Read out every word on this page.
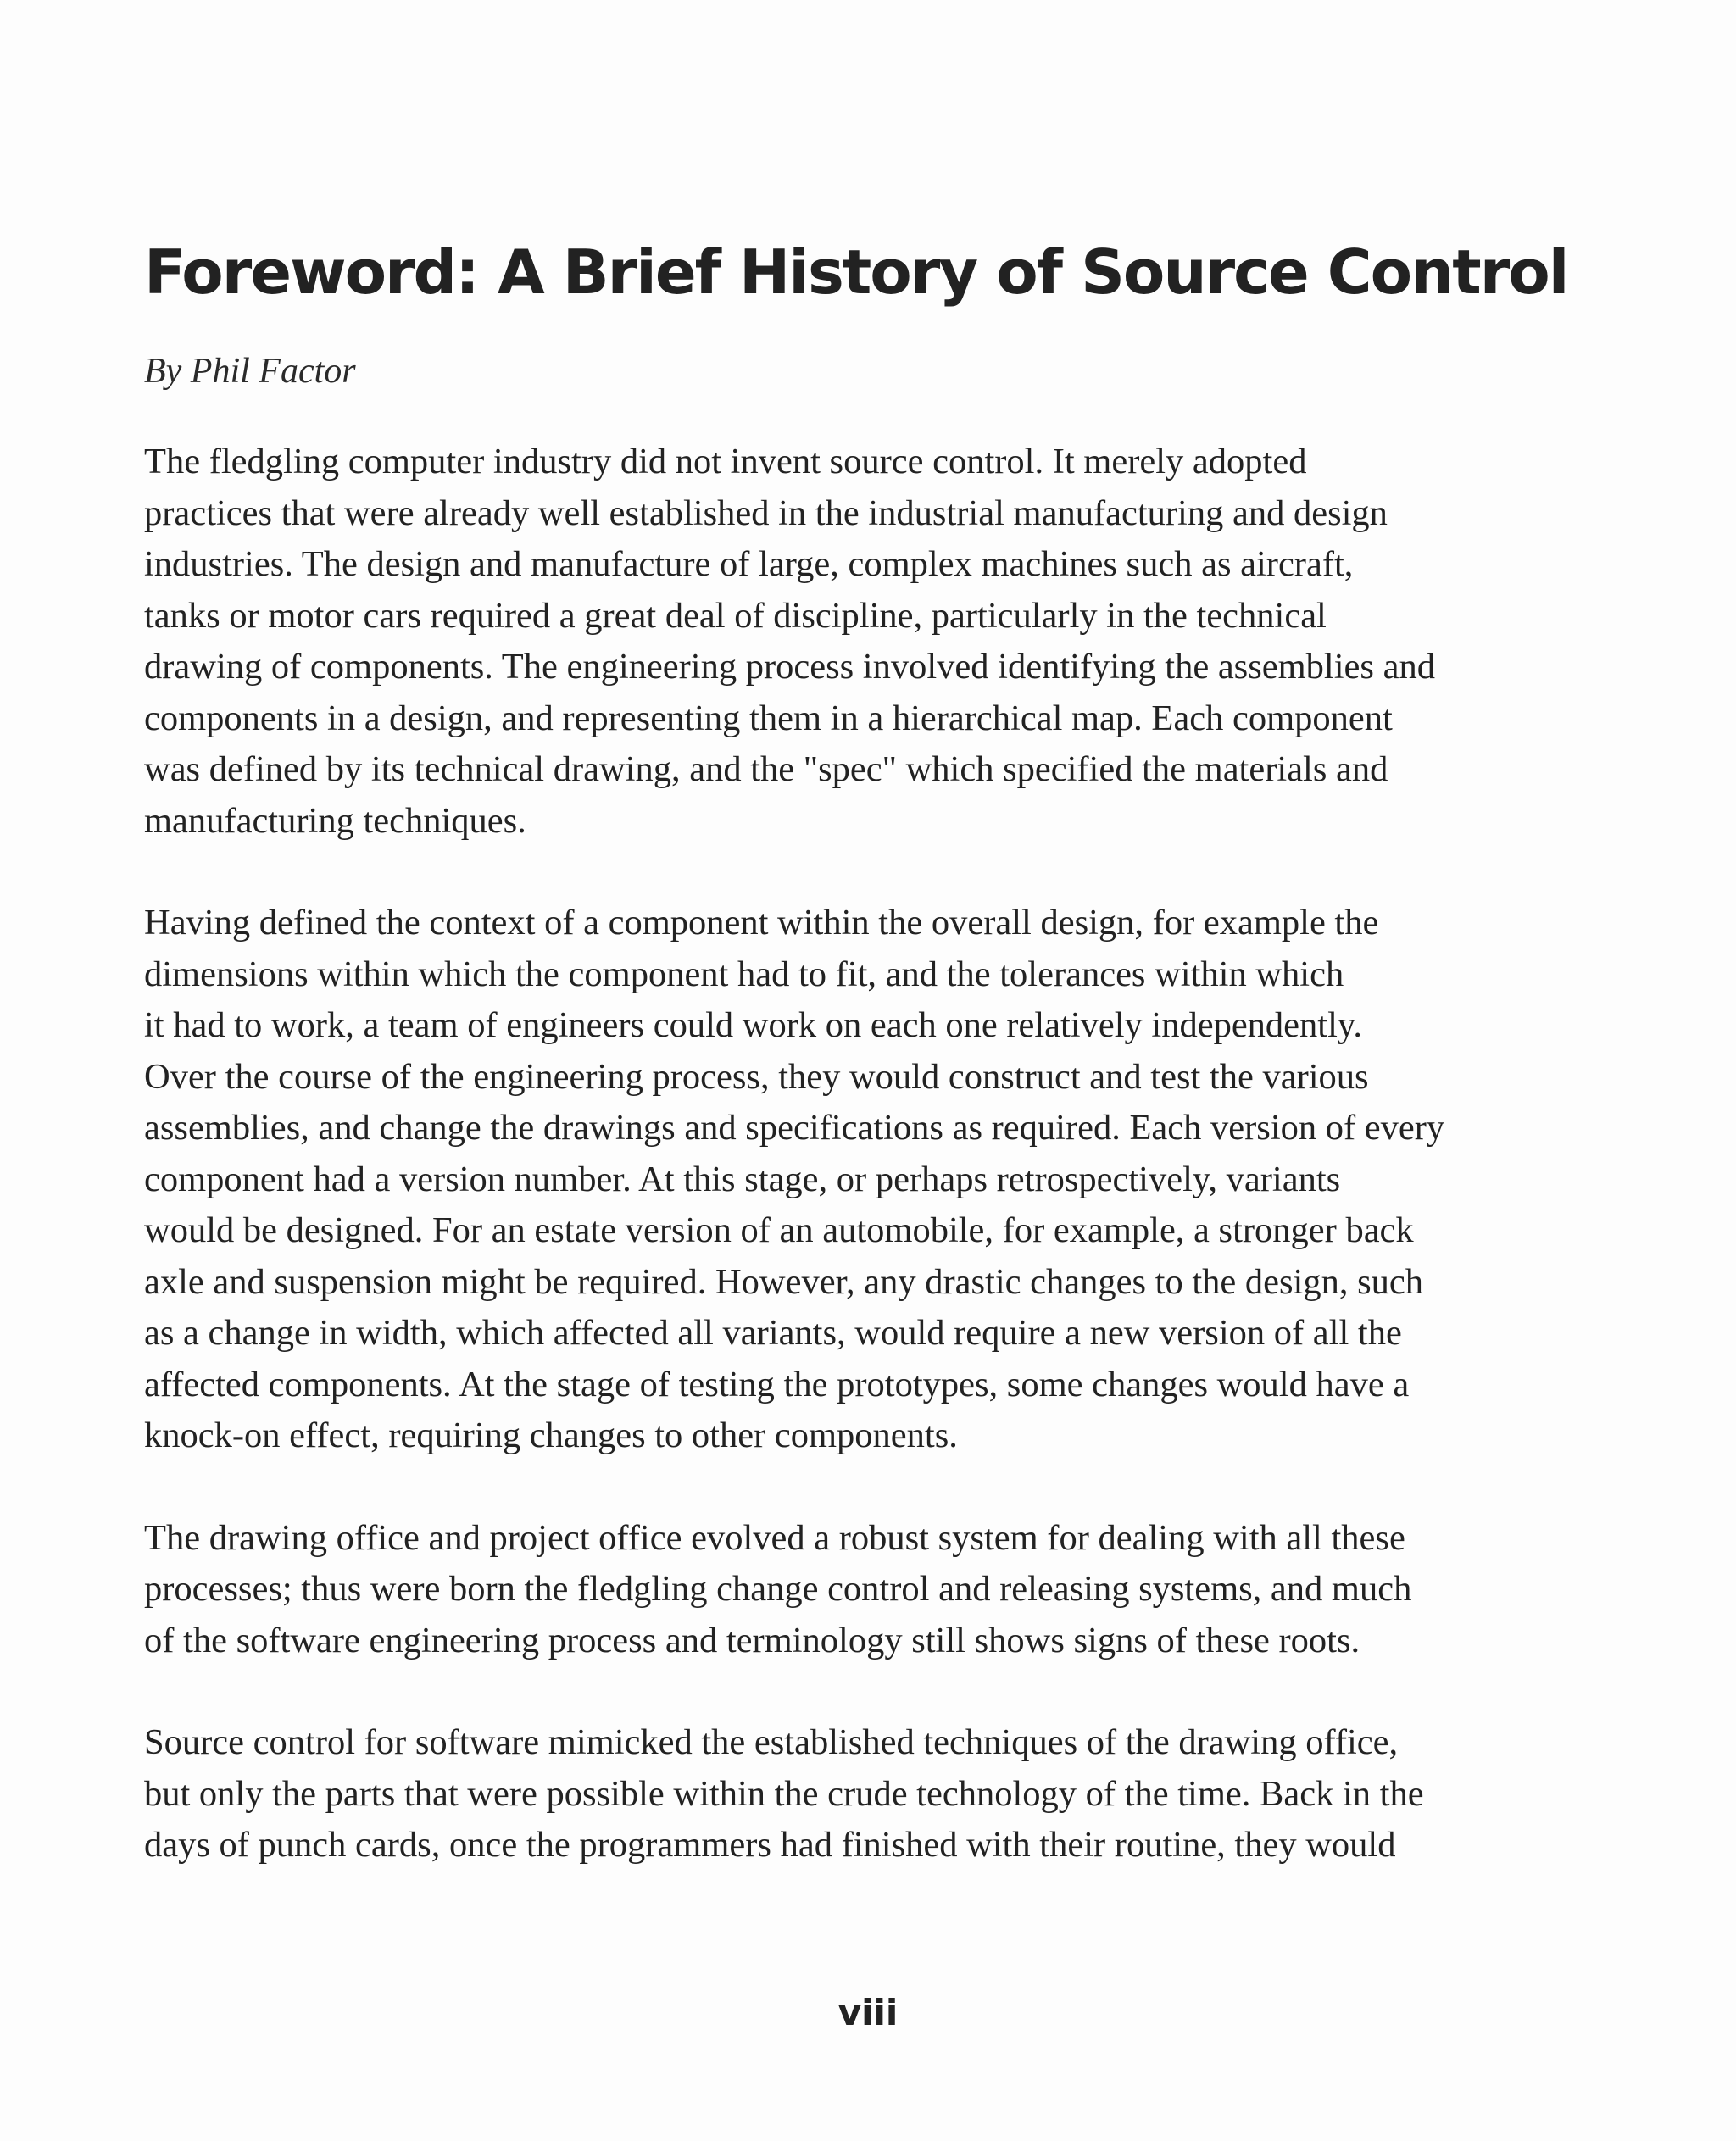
Foreword: A Brief History of Source Control
By Phil Factor
The fledgling computer industry did not invent source control. It merely adopted
practices that were already well established in the industrial manufacturing and design
industries. The design and manufacture of large, complex machines such as aircraft,
tanks or motor cars required a great deal of discipline, particularly in the technical
drawing of components. The engineering process involved identifying the assemblies and
components in a design, and representing them in a hierarchical map. Each component
was defined by its technical drawing, and the "spec" which specified the materials and
manufacturing techniques.
Having defined the context of a component within the overall design, for example the
dimensions within which the component had to fit, and the tolerances within which
it had to work, a team of engineers could work on each one relatively independently.
Over the course of the engineering process, they would construct and test the various
assemblies, and change the drawings and specifications as required. Each version of every
component had a version number. At this stage, or perhaps retrospectively, variants
would be designed. For an estate version of an automobile, for example, a stronger back
axle and suspension might be required. However, any drastic changes to the design, such
as a change in width, which affected all variants, would require a new version of all the
affected components. At the stage of testing the prototypes, some changes would have a
knock-on effect, requiring changes to other components.
The drawing office and project office evolved a robust system for dealing with all these
processes; thus were born the fledgling change control and releasing systems, and much
of the software engineering process and terminology still shows signs of these roots.
Source control for software mimicked the established techniques of the drawing office,
but only the parts that were possible within the crude technology of the time. Back in the
days of punch cards, once the programmers had finished with their routine, they would
viii
